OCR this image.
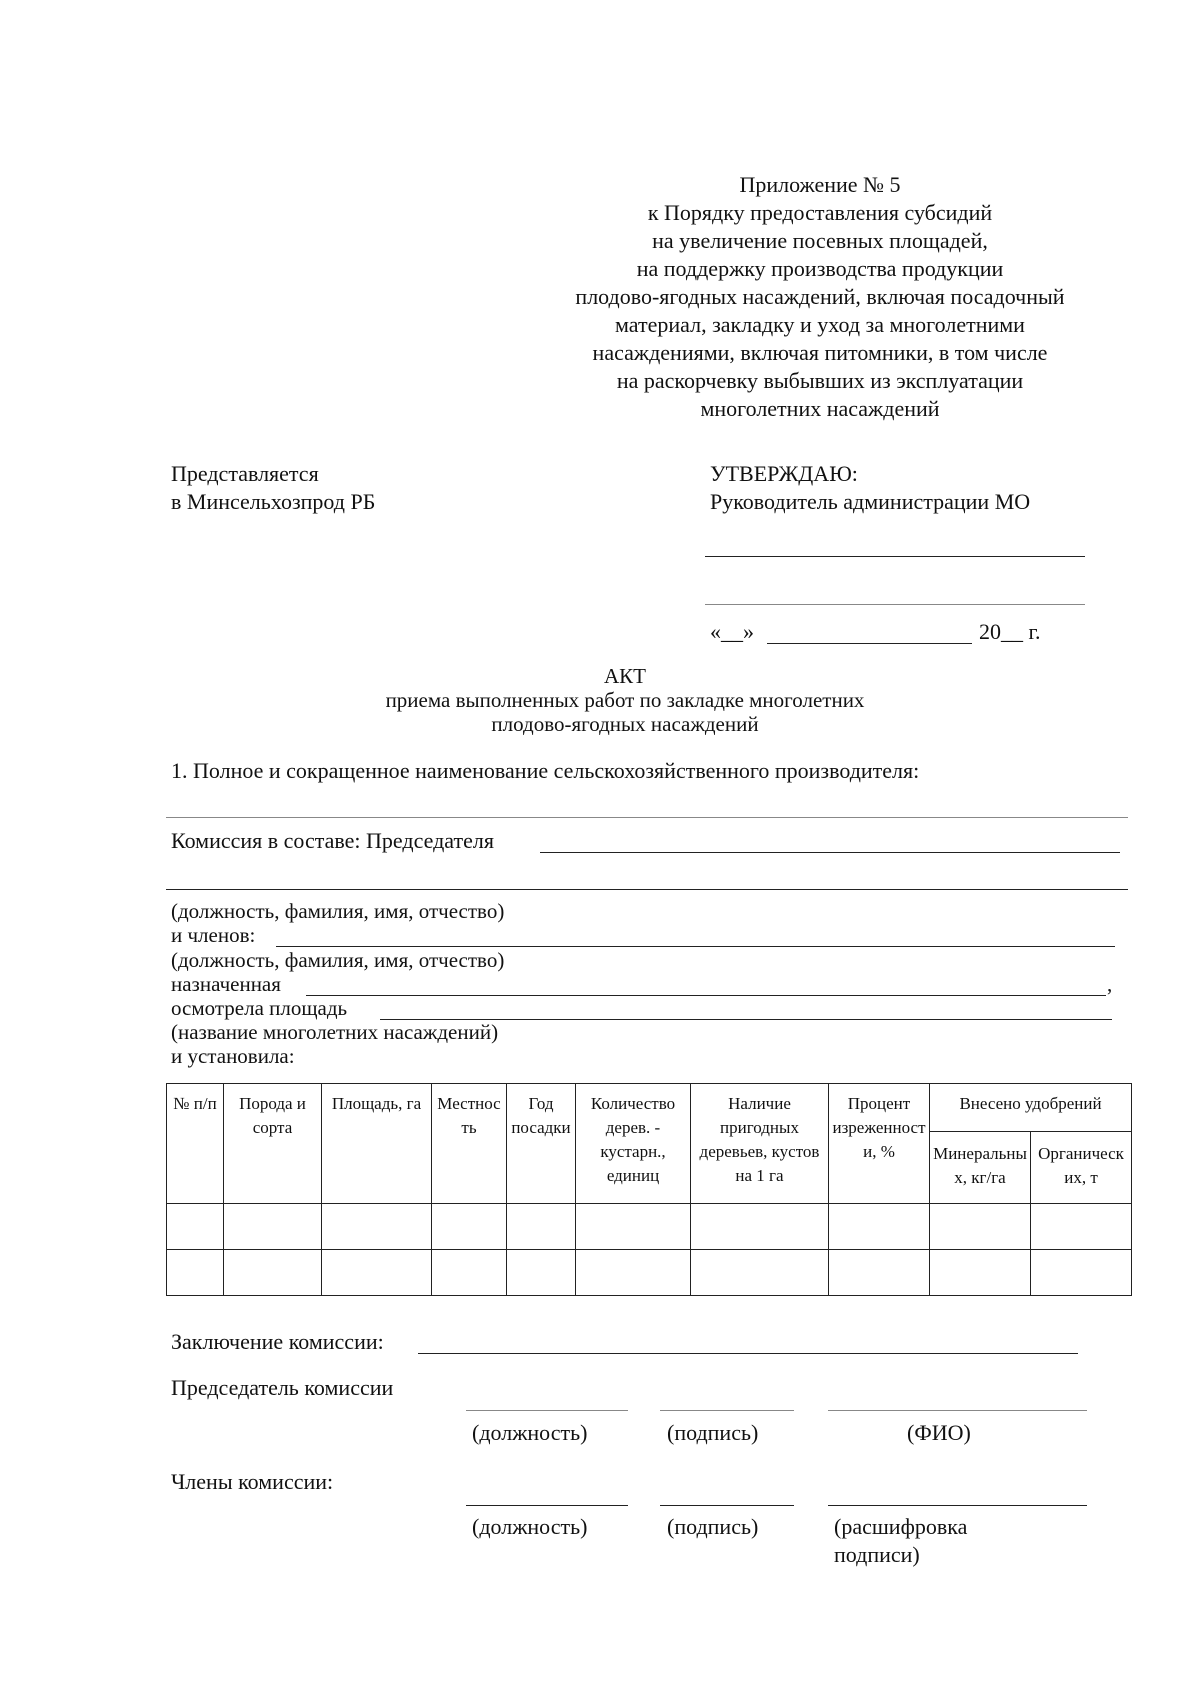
Приложение № 5
к Порядку предоставления субсидий
на увеличение посевных площадей,
на поддержку производства продукции
плодово-ягодных насаждений, включая посадочный
материал, закладку и уход за многолетними
насаждениями, включая питомники, в том числе
на раскорчевку выбывших из эксплуатации
многолетних насаждений
Представляется
в Минсельхозпрод РБ
УТВЕРЖДАЮ:
Руководитель администрации МО
«__»	20__ г.
АКТ
приема выполненных работ по закладке многолетних
плодово-ягодных насаждений
1. Полное и сокращенное наименование сельскохозяйственного производителя:
Комиссия в составе: Председателя
(должность, фамилия, имя, отчество)
и членов:
(должность, фамилия, имя, отчество)
назначенная	,
осмотрела площадь
(название многолетних насаждений)
и установила:
№ п/п	Порода и сорта	Площадь, га	Местность	Год посадки	Количество дерев. - кустарн., единиц	Наличие пригодных деревьев, кустов на 1 га	Процент изреженности, %	Внесено удобрений	
								Минеральных, кг/га	Органических, т

Заключение комиссии:
Председатель комиссии
(должность)	(подпись)	(ФИО)
Члены комиссии:
(должность)	(подпись)	(расшифровка
подписи)
